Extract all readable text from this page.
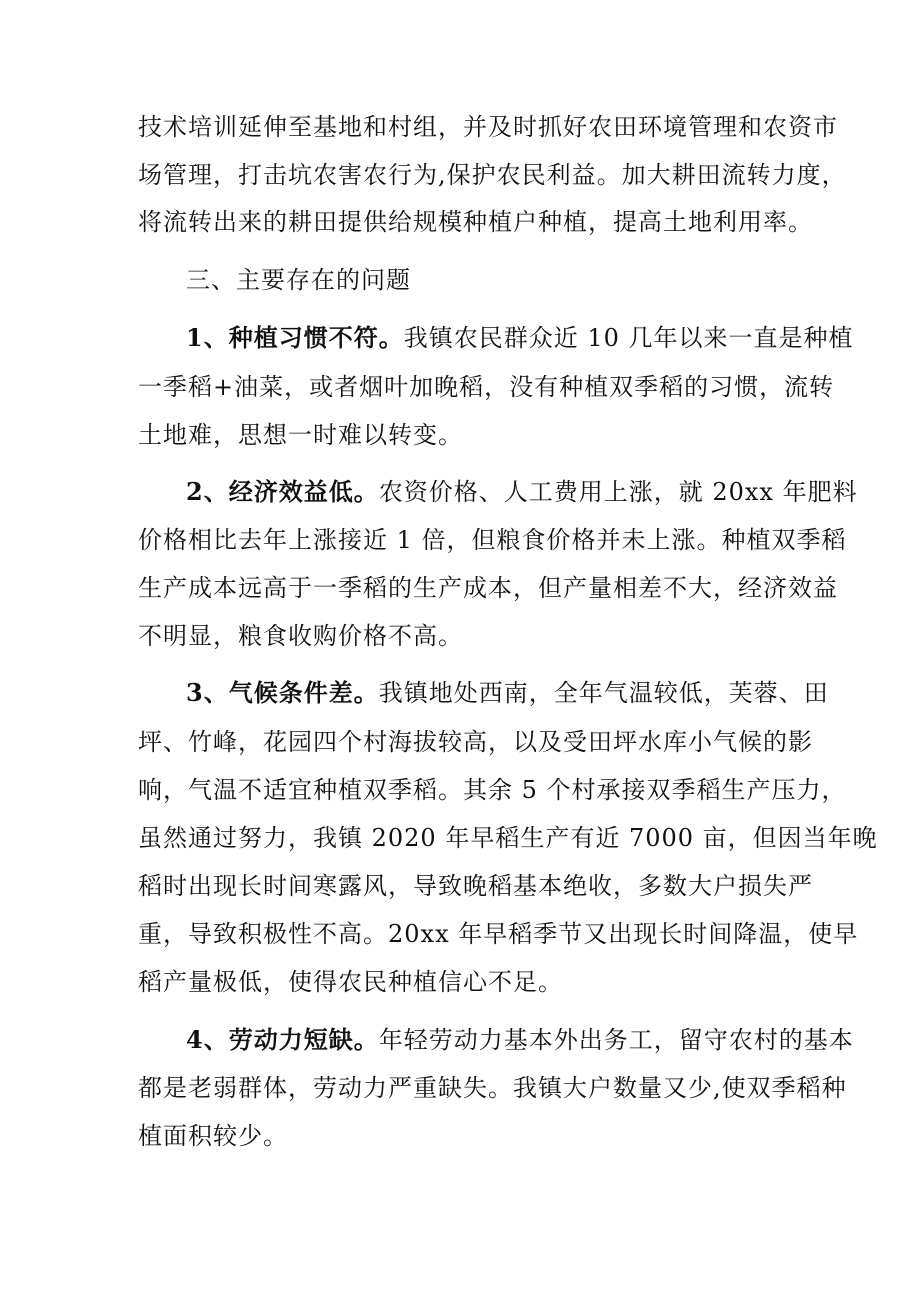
技术培训延伸至基地和村组，并及时抓好农田环境管理和农资市
场管理，打击坑农害农行为,保护农民利益。加大耕田流转力度，
将流转出来的耕田提供给规模种植户种植，提高土地利用率。
三、主要存在的问题
1、种植习惯不符。我镇农民群众近 10 几年以来一直是种植
一季稻+油菜，或者烟叶加晚稻，没有种植双季稻的习惯，流转
土地难，思想一时难以转变。
2、经济效益低。农资价格、人工费用上涨，就 20xx 年肥料
价格相比去年上涨接近 1 倍，但粮食价格并未上涨。种植双季稻
生产成本远高于一季稻的生产成本，但产量相差不大，经济效益
不明显，粮食收购价格不高。
3、气候条件差。我镇地处西南，全年气温较低，芙蓉、田
坪、竹峰，花园四个村海拔较高，以及受田坪水库小气候的影
响，气温不适宜种植双季稻。其余 5 个村承接双季稻生产压力，
虽然通过努力，我镇 2020 年早稻生产有近 7000 亩，但因当年晚
稻时出现长时间寒露风，导致晚稻基本绝收，多数大户损失严
重，导致积极性不高。20xx 年早稻季节又出现长时间降温，使早
稻产量极低，使得农民种植信心不足。
4、劳动力短缺。年轻劳动力基本外出务工，留守农村的基本
都是老弱群体，劳动力严重缺失。我镇大户数量又少,使双季稻种
植面积较少。
